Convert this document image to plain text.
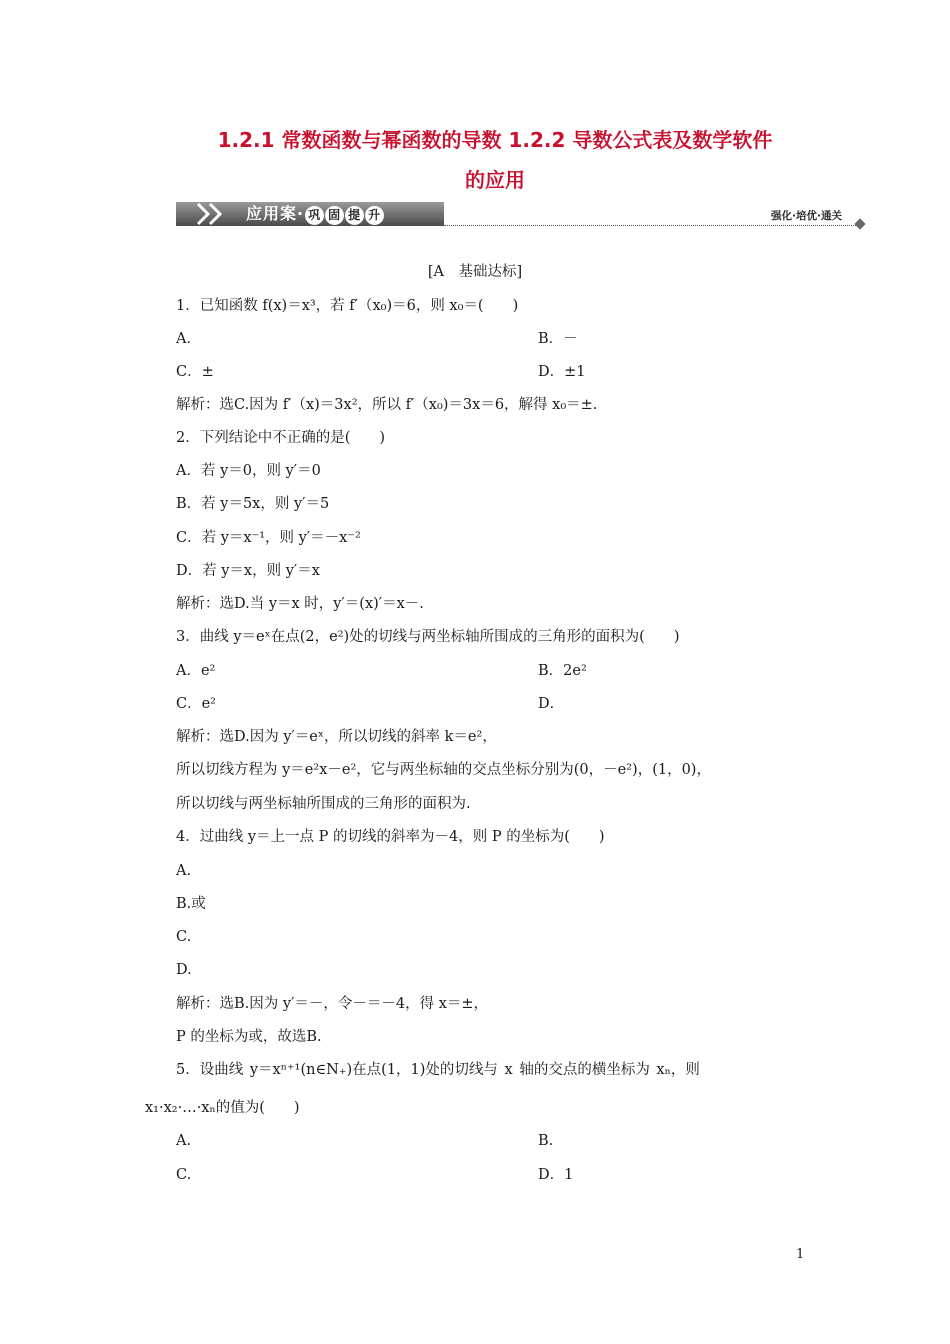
1.2.1 常数函数与幂函数的导数 1.2.2 导数公式表及数学软件
的应用
应用案· 巩 固 提 升	强化·培优·通关
[A　基础达标]
1．已知函数 f(x)＝x³，若 f′（x₀)＝6，则 x₀＝(　　)
A．	B．－
C．±	D．±1
解析：选C.因为 f′（x)＝3x²，所以 f′（x₀)＝3x＝6，解得 x₀＝±.
2．下列结论中不正确的是(　　)
A．若 y＝0，则 y′＝0
B．若 y＝5x，则 y′＝5
C．若 y＝x⁻¹，则 y′＝－x⁻²
D．若 y＝x，则 y′＝x
解析：选D.当 y＝x 时，y′＝(x)′＝x－.
3．曲线 y＝eˣ在点(2，e²)处的切线与两坐标轴所围成的三角形的面积为(　　)
A．e²	B．2e²
C．e²	D．
解析：选D.因为 y′＝eˣ，所以切线的斜率 k＝e²，
所以切线方程为 y＝e²x－e²，它与两坐标轴的交点坐标分别为(0，－e²)，(1，0)，
所以切线与两坐标轴所围成的三角形的面积为.
4．过曲线 y＝上一点 P 的切线的斜率为－4，则 P 的坐标为(　　)
A.
B.或
C.
D.
解析：选B.因为 y′＝－，令－＝－4，得 x＝±，
P 的坐标为或，故选B.
5．设曲线 y＝xⁿ⁺¹(n∈N₊)在点(1，1)处的切线与 x 轴的交点的横坐标为 xₙ，则
x₁·x₂·…·xₙ的值为(　　)
A.	B.
C.	D．1
1
